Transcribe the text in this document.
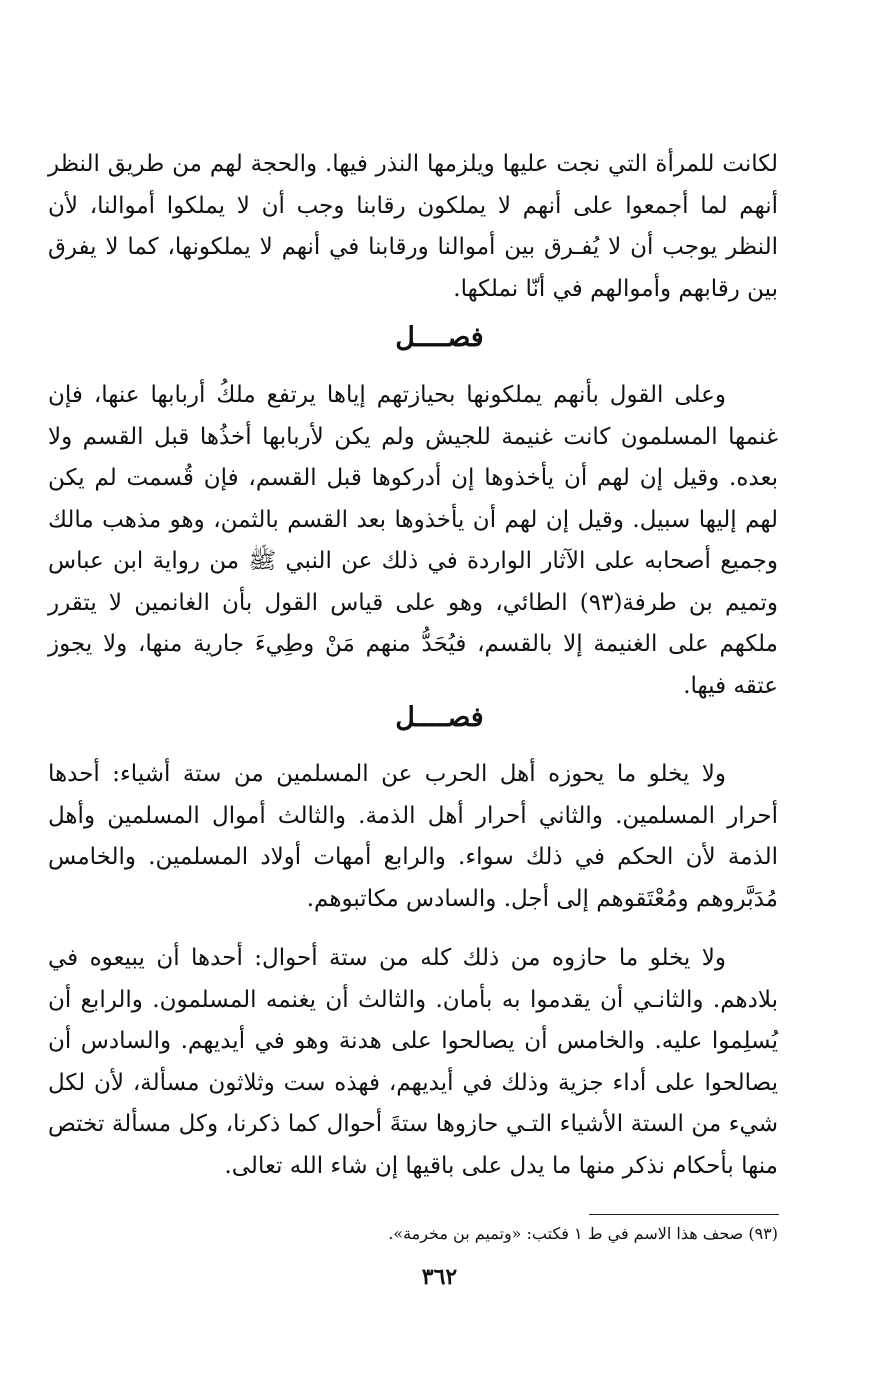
لكانت للمرأة التي نجت عليها ويلزمها النذر فيها. والحجة لهم من طريق النظر أنهم لما أجمعوا على أنهم لا يملكون رقابنا وجب أن لا يملكوا أموالنا، لأن النظر يوجب أن لا يُفـرق بين أموالنا ورقابنا في أنهم لا يملكونها، كما لا يفرق بين رقابهم وأموالهم في أنّا نملكها.

فصــــل

وعلى القول بأنهم يملكونها بحيازتهم إياها يرتفع ملكُ أربابها عنها، فإن غنمها المسلمون كانت غنيمة للجيش ولم يكن لأربابها أخذُها قبل القسم ولا بعده. وقيل إن لهم أن يأخذوها إن أدركوها قبل القسم، فإن قُسمت لم يكن لهم إليها سبيل. وقيل إن لهم أن يأخذوها بعد القسم بالثمن، وهو مذهب مالك وجميع أصحابه على الآثار الواردة في ذلك عن النبي ﷺ من رواية ابن عباس وتميم بن طرفة(٩٣) الطائي، وهو على قياس القول بأن الغانمين لا يتقرر ملكهم على الغنيمة إلا بالقسم، فيُحَدُّ منهم مَنْ وطِيءَ جارية منها، ولا يجوز عتقه فيها.

فصــــل

ولا يخلو ما يحوزه أهل الحرب عن المسلمين من ستة أشياء: أحدها أحرار المسلمين. والثاني أحرار أهل الذمة. والثالث أموال المسلمين وأهل الذمة لأن الحكم في ذلك سواء. والرابع أمهات أولاد المسلمين. والخامس مُدَبَّروهم ومُعْتَقوهم إلى أجل. والسادس مكاتبوهم.

ولا يخلو ما حازوه من ذلك كله من ستة أحوال: أحدها أن يبيعوه في بلادهم. والثانـي أن يقدموا به بأمان. والثالث أن يغنمه المسلمون. والرابع أن يُسلِموا عليه. والخامس أن يصالحوا على هدنة وهو في أيديهم. والسادس أن يصالحوا على أداء جزية وذلك في أيديهم، فهذه ست وثلاثون مسألة، لأن لكل شيء من الستة الأشياء التـي حازوها ستةَ أحوال كما ذكرنا، وكل مسألة تختص منها بأحكام نذكر منها ما يدل على باقيها إن شاء الله تعالى.

(٩٣) صحف هذا الاسم في ط ١ فكتب: «وتميم بن مخرمة».

٣٦٢
